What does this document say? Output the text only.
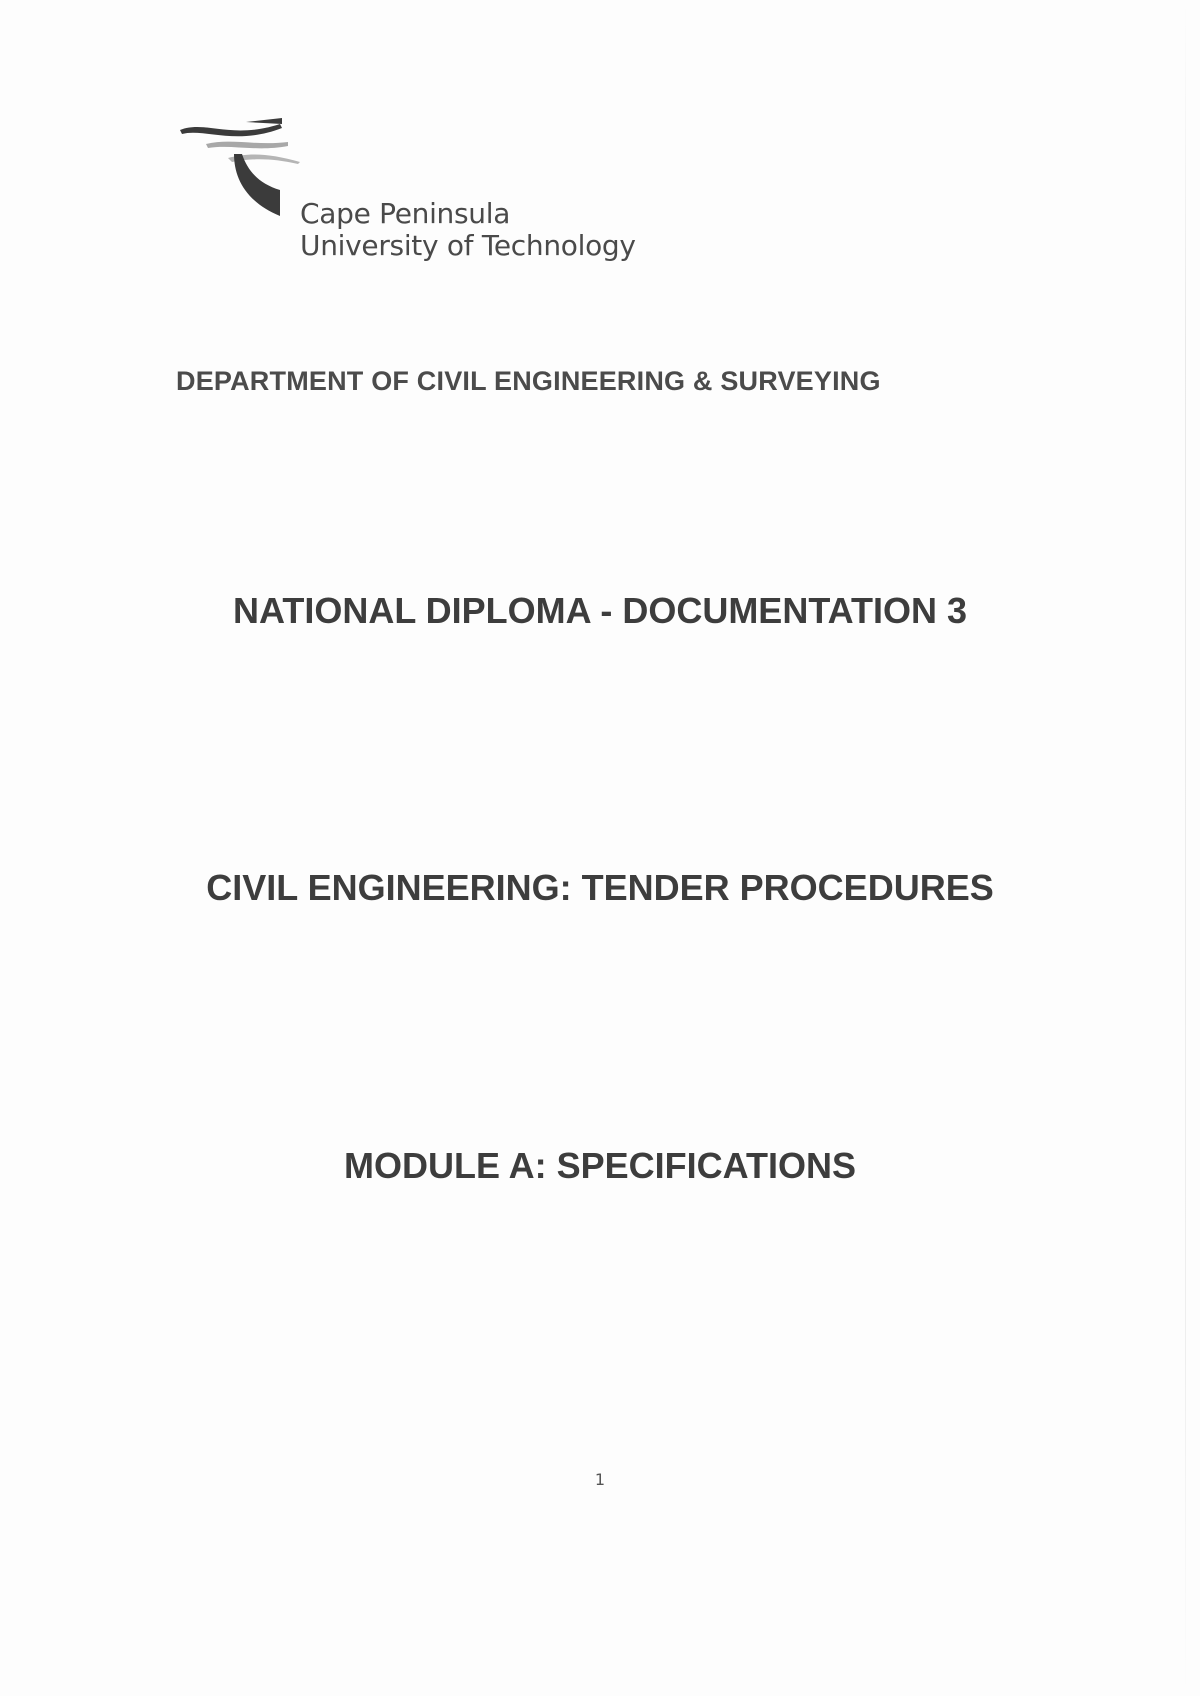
Cape Peninsula
University of Technology
DEPARTMENT OF CIVIL ENGINEERING & SURVEYING
NATIONAL DIPLOMA - DOCUMENTATION 3
CIVIL ENGINEERING: TENDER PROCEDURES
MODULE A: SPECIFICATIONS
1
